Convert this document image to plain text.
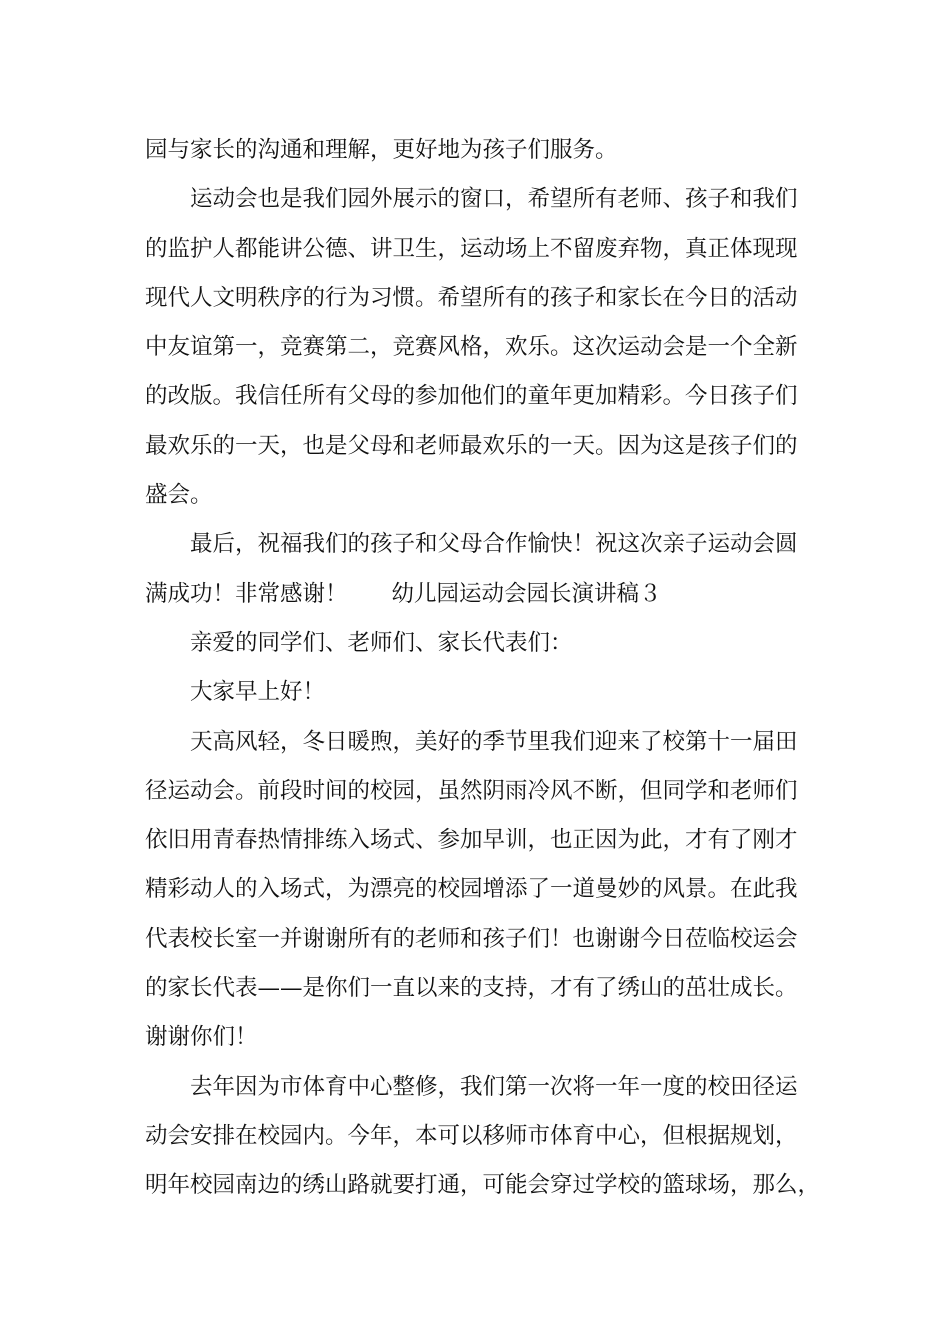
园与家长的沟通和理解，更好地为孩子们服务。
运动会也是我们园外展示的窗口，希望所有老师、孩子和我们
的监护人都能讲公德、讲卫生，运动场上不留废弃物，真正体现现
现代人文明秩序的行为习惯。希望所有的孩子和家长在今日的活动
中友谊第一，竞赛第二，竞赛风格，欢乐。这次运动会是一个全新
的改版。我信任所有父母的参加他们的童年更加精彩。今日孩子们
最欢乐的一天，也是父母和老师最欢乐的一天。因为这是孩子们的
盛会。
最后，祝福我们的孩子和父母合作愉快！祝这次亲子运动会圆
满成功！非常感谢！ 幼儿园运动会园长演讲稿３
亲爱的同学们、老师们、家长代表们：
大家早上好！
天高风轻，冬日暖煦，美好的季节里我们迎来了校第十一届田
径运动会。前段时间的校园，虽然阴雨冷风不断，但同学和老师们
依旧用青春热情排练入场式、参加早训，也正因为此，才有了刚才
精彩动人的入场式，为漂亮的校园增添了一道曼妙的风景。在此我
代表校长室一并谢谢所有的老师和孩子们！也谢谢今日莅临校运会
的家长代表——是你们一直以来的支持，才有了绣山的茁壮成长。
谢谢你们！
去年因为市体育中心整修，我们第一次将一年一度的校田径运
动会安排在校园内。今年，本可以移师市体育中心，但根据规划，
明年校园南边的绣山路就要打通，可能会穿过学校的篮球场，那么，
